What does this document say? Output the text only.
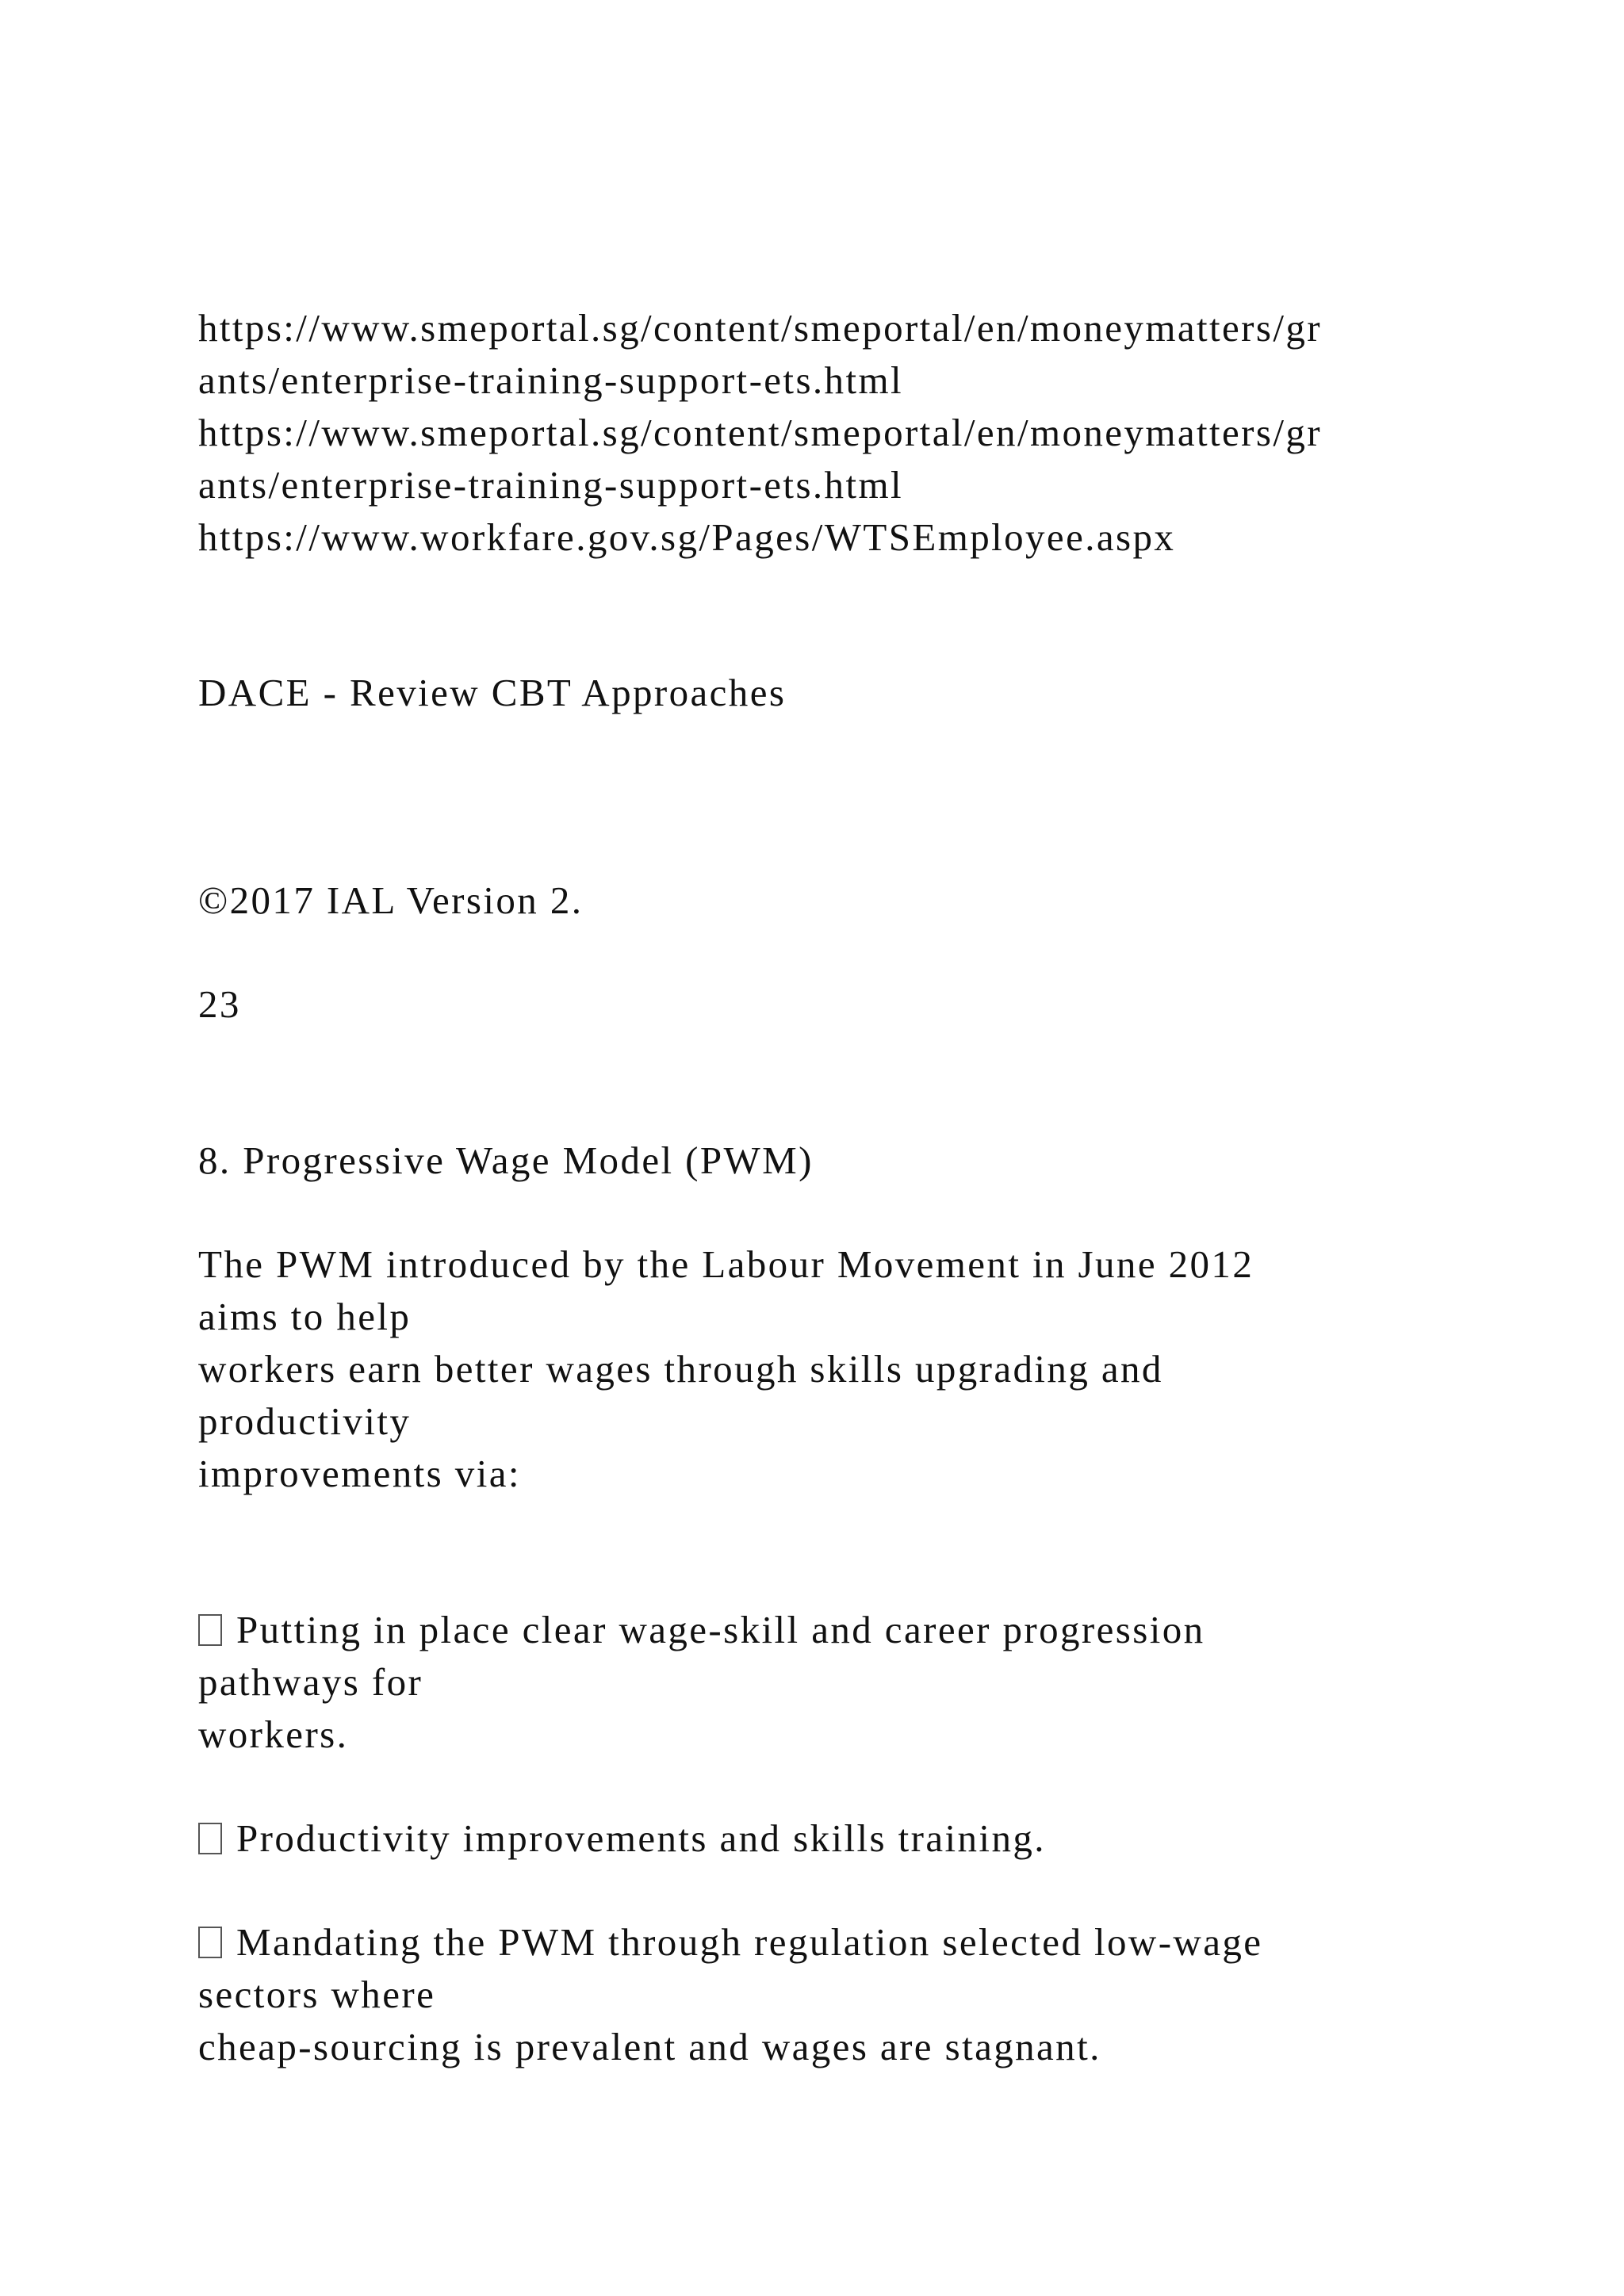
https://www.smeportal.sg/content/smeportal/en/moneymatters/gr
ants/enterprise-training-support-ets.html
https://www.smeportal.sg/content/smeportal/en/moneymatters/gr
ants/enterprise-training-support-ets.html
https://www.workfare.gov.sg/Pages/WTSEmployee.aspx
DACE - Review CBT Approaches
©2017 IAL Version 2.
23
8. Progressive Wage Model (PWM)
The PWM introduced by the Labour Movement in June 2012
aims to help
workers earn better wages through skills upgrading and
productivity
improvements via:
Putting in place clear wage-skill and career progression
pathways for
workers.
Productivity improvements and skills training.
Mandating the PWM through regulation selected low-wage
sectors where
cheap-sourcing is prevalent and wages are stagnant.
